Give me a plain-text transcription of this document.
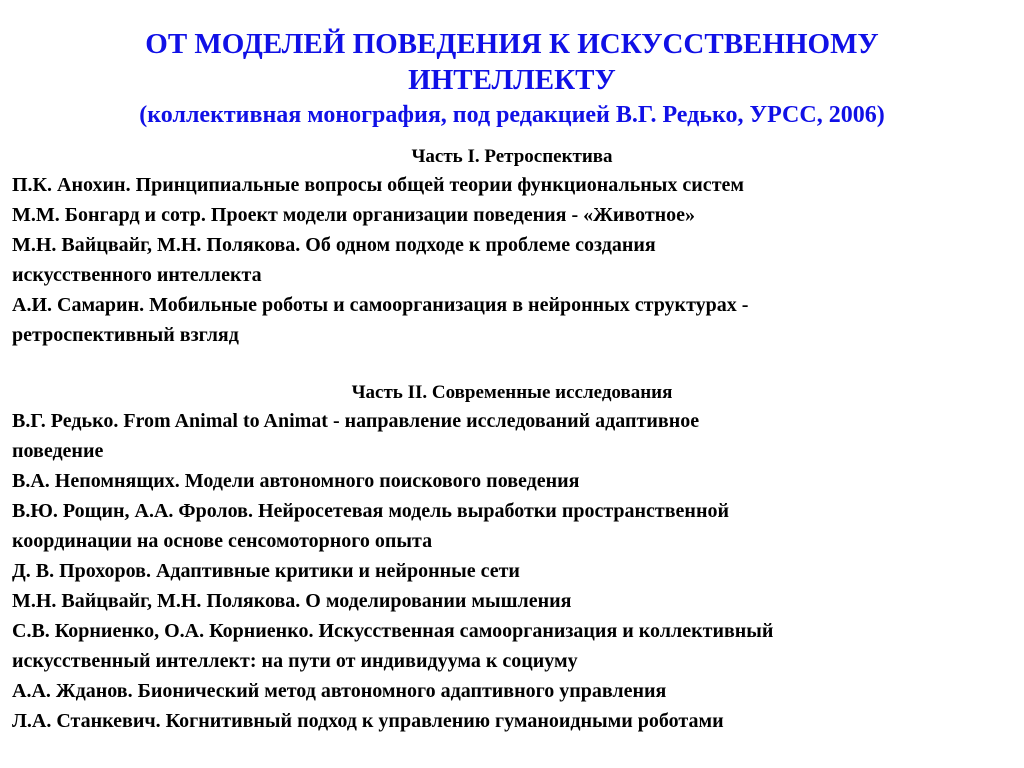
ОТ МОДЕЛЕЙ ПОВЕДЕНИЯ К ИСКУССТВЕННОМУ
ИНТЕЛЛЕКТУ
(коллективная монография, под редакцией В.Г. Редько, УРСС, 2006)
Часть I. Ретроспектива
П.К. Анохин. Принципиальные вопросы общей теории функциональных систем
М.М. Бонгард и сотр. Проект модели организации поведения - «Животное»
М.Н. Вайцвайг, М.Н. Полякова. Об одном подходе к проблеме создания
искусственного интеллекта
А.И. Самарин. Мобильные роботы и самоорганизация в нейронных структурах -
ретроспективный взгляд
Часть II. Современные исследования
В.Г. Редько. From Animal to Animat - направление исследований адаптивное
поведение
В.А. Непомнящих. Модели автономного поискового поведения
В.Ю. Рощин, А.А. Фролов. Нейросетевая модель выработки пространственной
координации на основе сенсомоторного опыта
Д. В. Прохоров. Адаптивные критики и нейронные сети
М.Н. Вайцвайг, М.Н. Полякова. О моделировании мышления
С.В. Корниенко, О.А. Корниенко. Искусственная самоорганизация и коллективный
искусственный интеллект: на пути от индивидуума к социуму
А.А. Жданов. Бионический метод автономного адаптивного управления
Л.А. Станкевич. Когнитивный подход к управлению гуманоидными роботами
